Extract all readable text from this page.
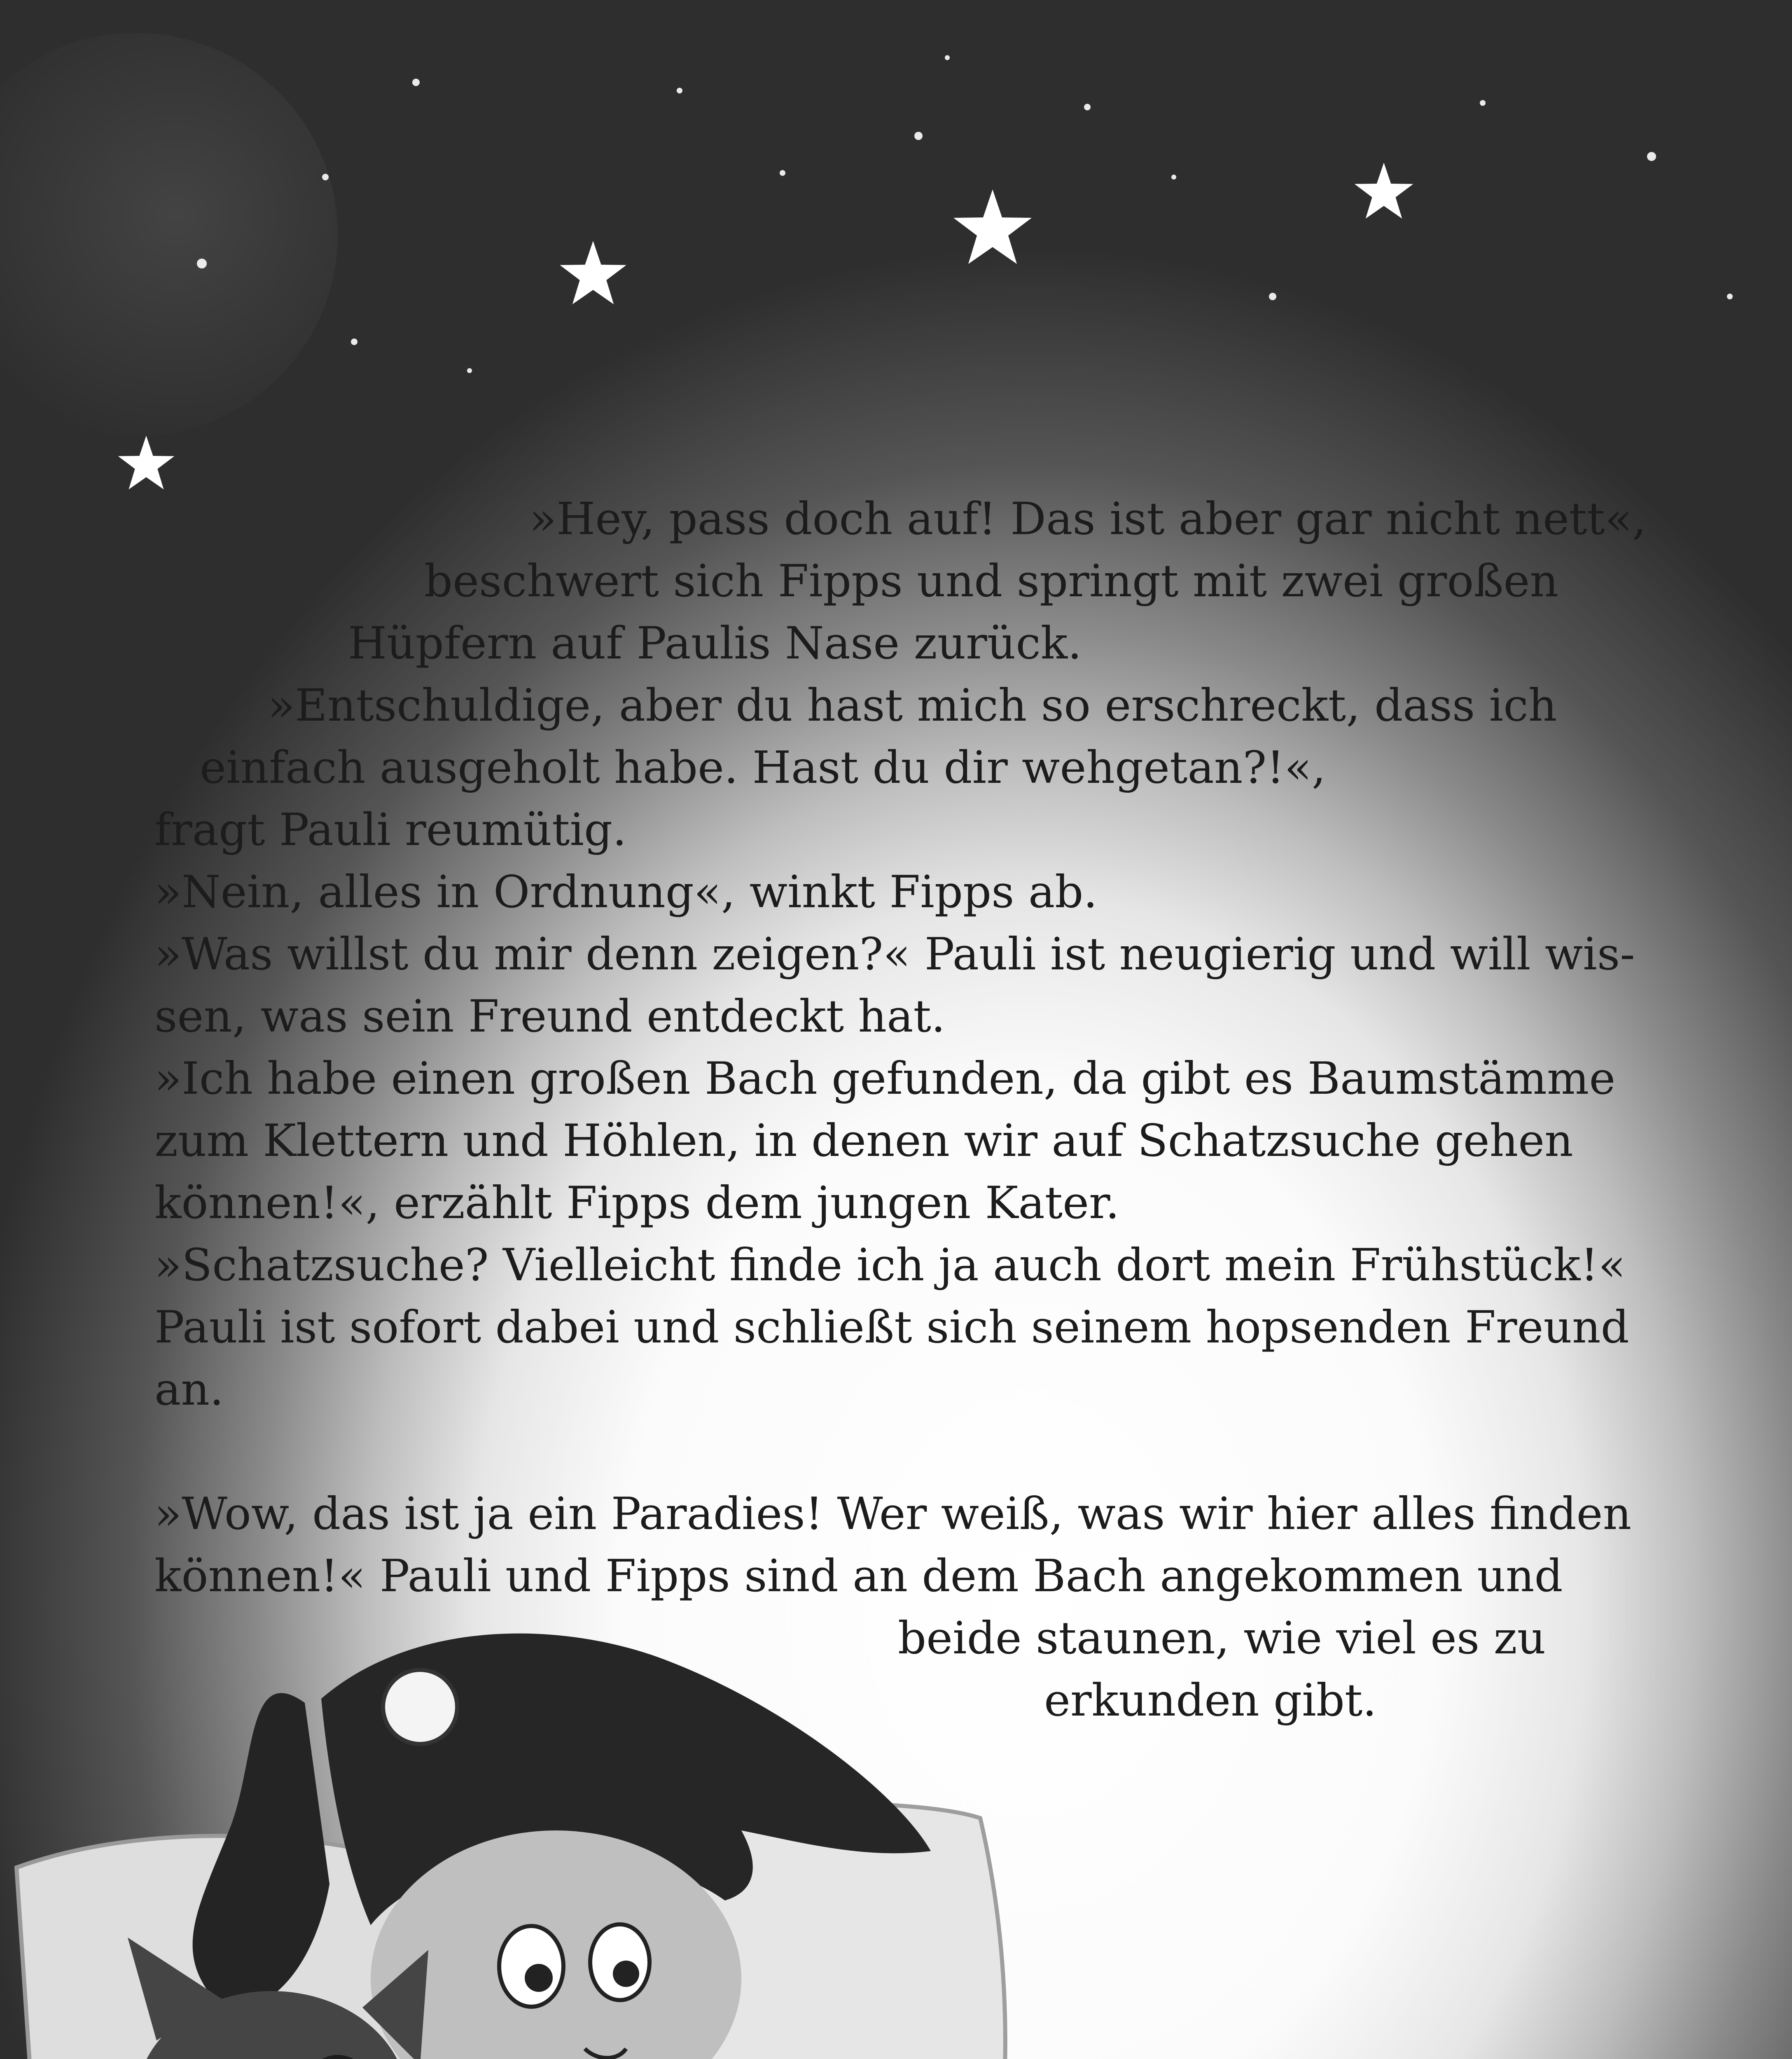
»Hey, pass doch auf! Das ist aber gar nicht nett«,
beschwert sich Fipps und springt mit zwei großen
Hüpfern auf Paulis Nase zurück.
»Entschuldige, aber du hast mich so erschreckt, dass ich
einfach ausgeholt habe. Hast du dir wehgetan?!«,
fragt Pauli reumütig.
»Nein, alles in Ordnung«, winkt Fipps ab.
»Was willst du mir denn zeigen?« Pauli ist neugierig und will wis-
sen, was sein Freund entdeckt hat.
»Ich habe einen großen Bach gefunden, da gibt es Baumstämme
zum Klettern und Höhlen, in denen wir auf Schatzsuche gehen
können!«, erzählt Fipps dem jungen Kater.
»Schatzsuche? Vielleicht finde ich ja auch dort mein Frühstück!«
Pauli ist sofort dabei und schließt sich seinem hopsenden Freund
an.
»Wow, das ist ja ein Paradies! Wer weiß, was wir hier alles finden
können!« Pauli und Fipps sind an dem Bach angekommen und
beide staunen, wie viel es zu
erkunden gibt.
